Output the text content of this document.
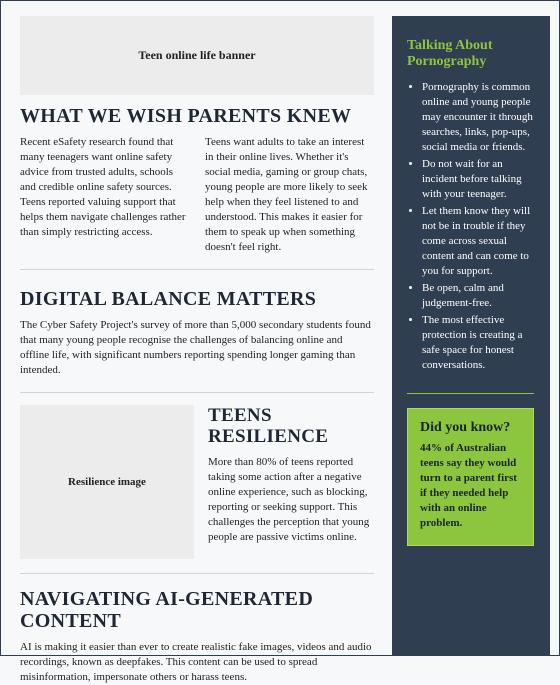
Teen online life banner
WHAT WE WISH PARENTS KNEW

Recent eSafety research found that many teenagers want online safety advice from trusted adults, schools and credible online safety sources. Teens reported valuing support that helps them navigate challenges rather than simply restricting access.

Teens want adults to take an interest in their online lives. Whether it's social media, gaming or group chats, young people are more likely to seek help when they feel listened to and understood. This makes it easier for them to speak up when something doesn't feel right.

DIGITAL BALANCE MATTERS

The Cyber Safety Project's survey of more than 5,000 secondary students found that many young people recognise the challenges of balancing online and offline life, with significant numbers reporting spending longer gaming than intended.

Resilience image
TEENS RESILIENCE

More than 80% of teens reported taking some action after a negative online experience, such as blocking, reporting or seeking support. This challenges the perception that young people are passive victims online.

NAVIGATING AI-GENERATED CONTENT

AI is making it easier than ever to create realistic fake images, videos and audio recordings, known as deepfakes. This content can be used to spread misinformation, impersonate others or harass teens.

Talking About Pornography
• Pornography is common online and young people may encounter it through searches, links, pop-ups, social media or friends.
• Do not wait for an incident before talking with your teenager.
• Let them know they will not be in trouble if they come across sexual content and can come to you for support.
• Be open, calm and judgement-free.
• The most effective protection is creating a safe space for honest conversations.
Did you know?
44% of Australian teens say they would turn to a parent first if they needed help with an online problem.
